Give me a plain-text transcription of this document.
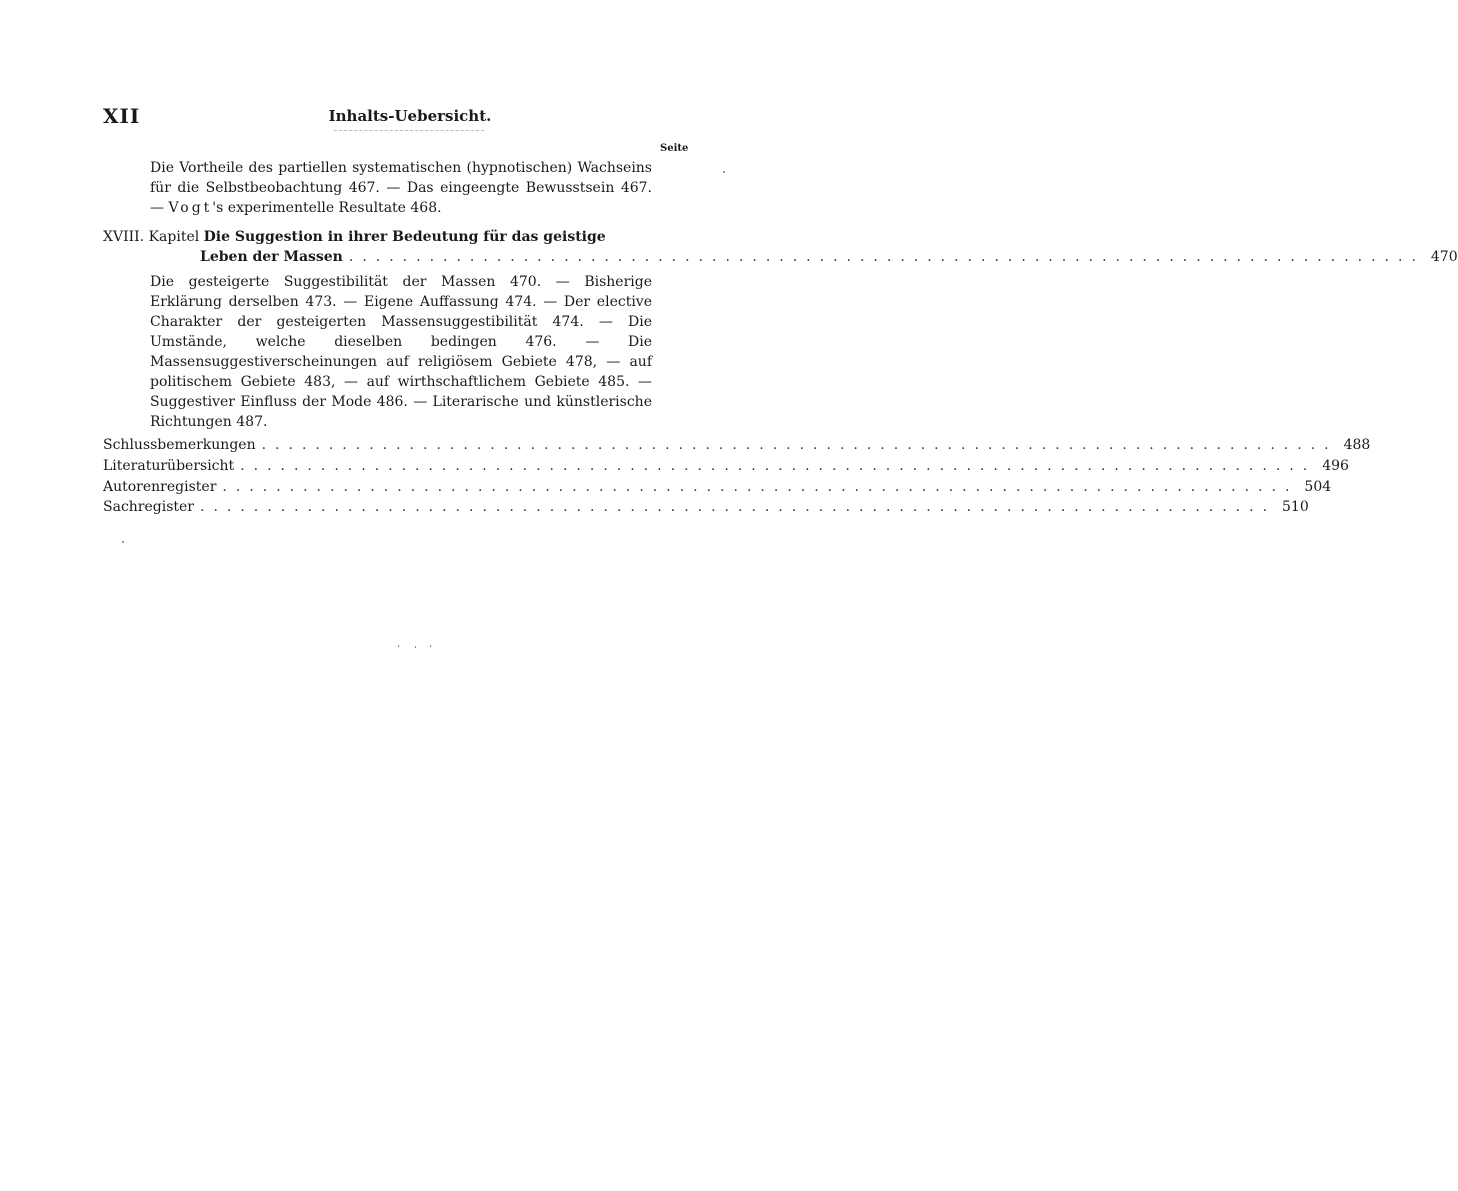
XII	Inhalts-Uebersicht.
Seite
Die Vortheile des partiellen systematischen (hypnotischen) Wachseins für die Selbstbeobachtung 467. — Das eingeengte Bewusstsein 467. — Vogt's experimentelle Resultate 468.
XVIII. Kapitel Die Suggestion in ihrer Bedeutung für das geistige
Leben der Massen ................................................................................ 470
Die gesteigerte Suggestibilität der Massen 470. — Bisherige Erklärung derselben 473. — Eigene Auffassung 474. — Der elective Charakter der gesteigerten Massensuggestibilität 474. — Die Umstände, welche dieselben bedingen 476. — Die Massensuggestiverscheinungen auf religiösem Gebiete 478, — auf politischem Gebiete 483, — auf wirthschaftlichem Gebiete 485. — Suggestiver Einfluss der Mode 486. — Literarische und künstlerische Richtungen 487.
Schlussbemerkungen ................................................................................ 488
Literaturübersicht ................................................................................ 496
Autorenregister ................................................................................ 504
Sachregister ................................................................................ 510
